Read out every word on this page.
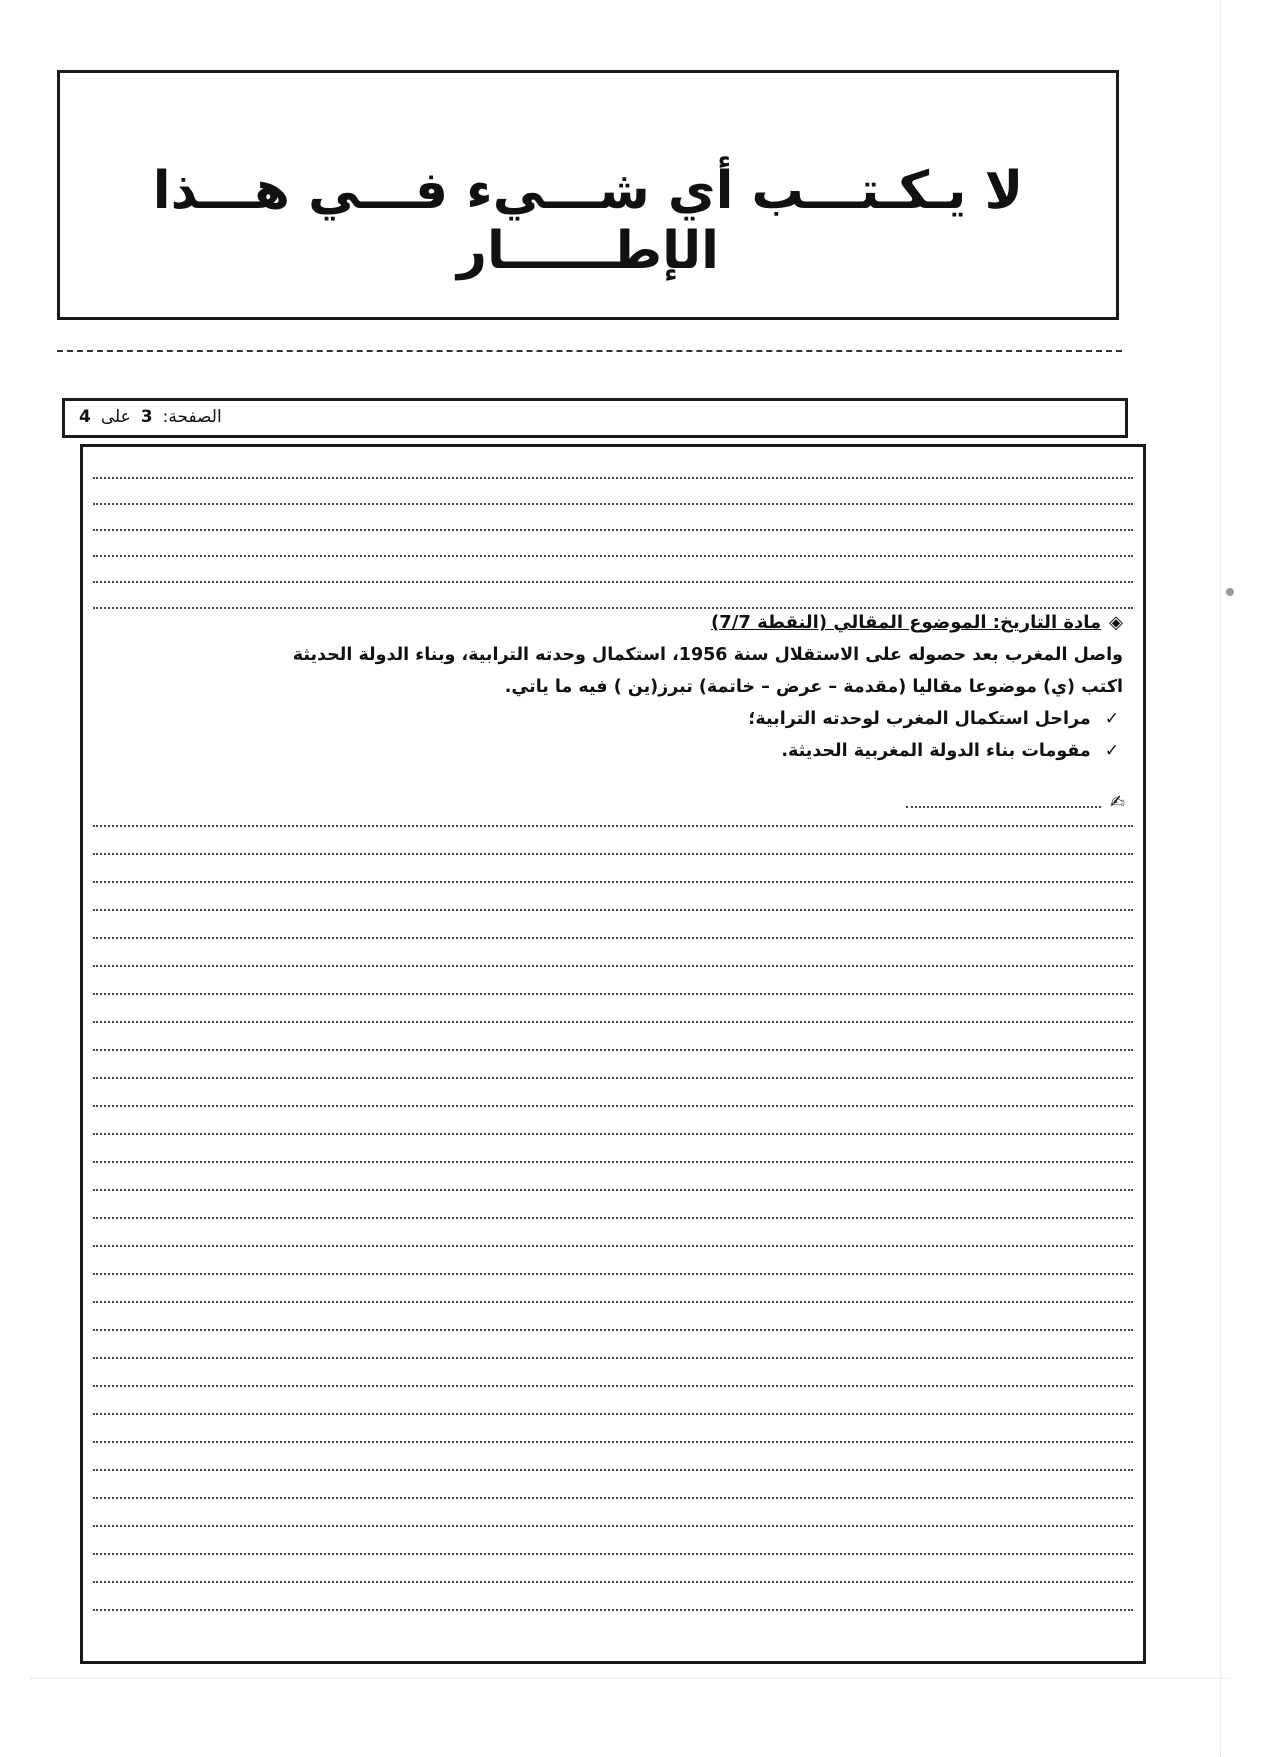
لا يـكـتـــب أي شـــيء فـــي هـــذا الإطــــــار
الصفحة:
3
على
4
◈
مادة التاريخ: الموضوع المقالي (النقطة 7/7)
واصل المغرب بعد حصوله على الاستقلال سنة 1956، استكمال وحدته الترابية، وبناء الدولة الحديثة
اكتب (ي) موضوعا مقاليا (مقدمة – عرض – خاتمة) تبرز(ين ) فيه ما ياتي.
✓
مراحل استكمال المغرب لوحدته الترابية؛
✓
مقومات بناء الدولة المغربية الحديثة.
✍
